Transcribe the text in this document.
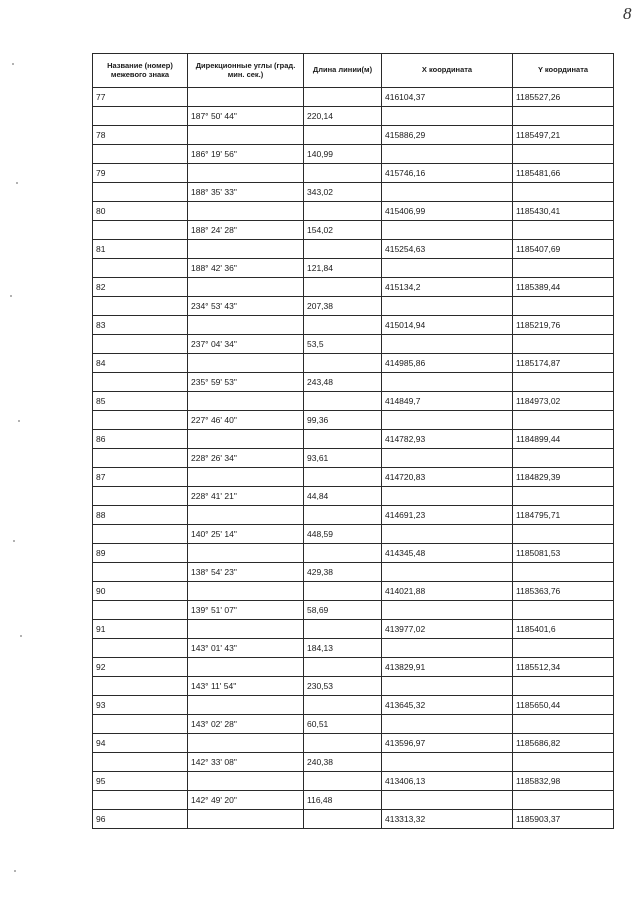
8
Название (номер) межевого знака	Дирекционные углы (град. мин. сек.)	Длина линии(м)	X координата	Y координата
77			416104,37	1185527,26
	187° 50' 44"	220,14		
78			415886,29	1185497,21
	186° 19' 56"	140,99		
79			415746,16	1185481,66
	188° 35' 33"	343,02		
80			415406,99	1185430,41
	188° 24' 28"	154,02		
81			415254,63	1185407,69
	188° 42' 36"	121,84		
82			415134,2	1185389,44
	234° 53' 43"	207,38		
83			415014,94	1185219,76
	237° 04' 34"	53,5		
84			414985,86	1185174,87
	235° 59' 53"	243,48		
85			414849,7	1184973,02
	227° 46' 40"	99,36		
86			414782,93	1184899,44
	228° 26' 34"	93,61		
87			414720,83	1184829,39
	228° 41' 21"	44,84		
88			414691,23	1184795,71
	140° 25' 14"	448,59		
89			414345,48	1185081,53
	138° 54' 23"	429,38		
90			414021,88	1185363,76
	139° 51' 07"	58,69		
91			413977,02	1185401,6
	143° 01' 43"	184,13		
92			413829,91	1185512,34
	143° 11' 54"	230,53		
93			413645,32	1185650,44
	143° 02' 28"	60,51		
94			413596,97	1185686,82
	142° 33' 08"	240,38		
95			413406,13	1185832,98
	142° 49' 20"	116,48		
96			413313,32	1185903,37
